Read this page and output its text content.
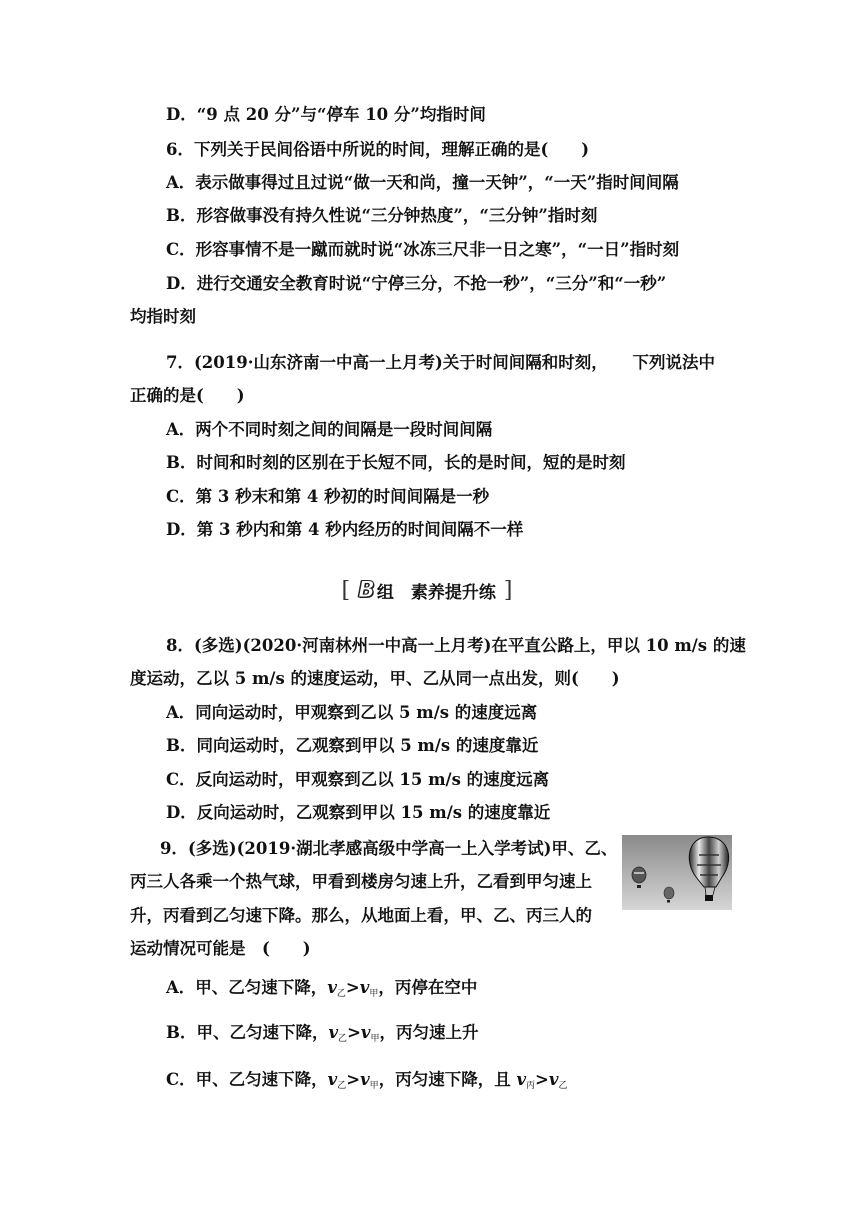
D．“9 点 20 分”与“停车 10 分”均指时间
6．下列关于民间俗语中所说的时间，理解正确的是(　　)
A．表示做事得过且过说“做一天和尚，撞一天钟”，“一天”指时间间隔
B．形容做事没有持久性说“三分钟热度”，“三分钟”指时刻
C．形容事情不是一蹴而就时说“冰冻三尺非一日之寒”，“一日”指时刻
D．进行交通安全教育时说“宁停三分，不抢一秒”，“三分”和“一秒”
均指时刻
7．(2019·山东济南一中高一上月考)关于时间间隔和时刻，　　下列说法中
正确的是(　　)
A．两个不同时刻之间的间隔是一段时间间隔
B．时间和时刻的区别在于长短不同，长的是时间，短的是时刻
C．第 3 秒末和第 4 秒初的时间间隔是一秒
D．第 3 秒内和第 4 秒内经历的时间间隔不一样
[ B 组　素养提升练 ]
8．(多选)(2020·河南林州一中高一上月考)在平直公路上，甲以 10 m/s 的速
度运动，乙以 5 m/s 的速度运动，甲、乙从同一点出发，则(　　)
A．同向运动时，甲观察到乙以 5 m/s 的速度远离
B．同向运动时，乙观察到甲以 5 m/s 的速度靠近
C．反向运动时，甲观察到乙以 15 m/s 的速度远离
D．反向运动时，乙观察到甲以 15 m/s 的速度靠近
9．(多选)(2019·湖北孝感高级中学高一上入学考试)甲、乙、
丙三人各乘一个热气球，甲看到楼房匀速上升，乙看到甲匀速上
升，丙看到乙匀速下降。那么，从地面上看，甲、乙、丙三人的
运动情况可能是　(　　)
A．甲、乙匀速下降，$v_乙>v_甲$，丙停在空中
B．甲、乙匀速下降，$v_乙>v_甲$，丙匀速上升
C．甲、乙匀速下降，$v_乙>v_甲$，丙匀速下降，且 $v_丙>v_乙$
